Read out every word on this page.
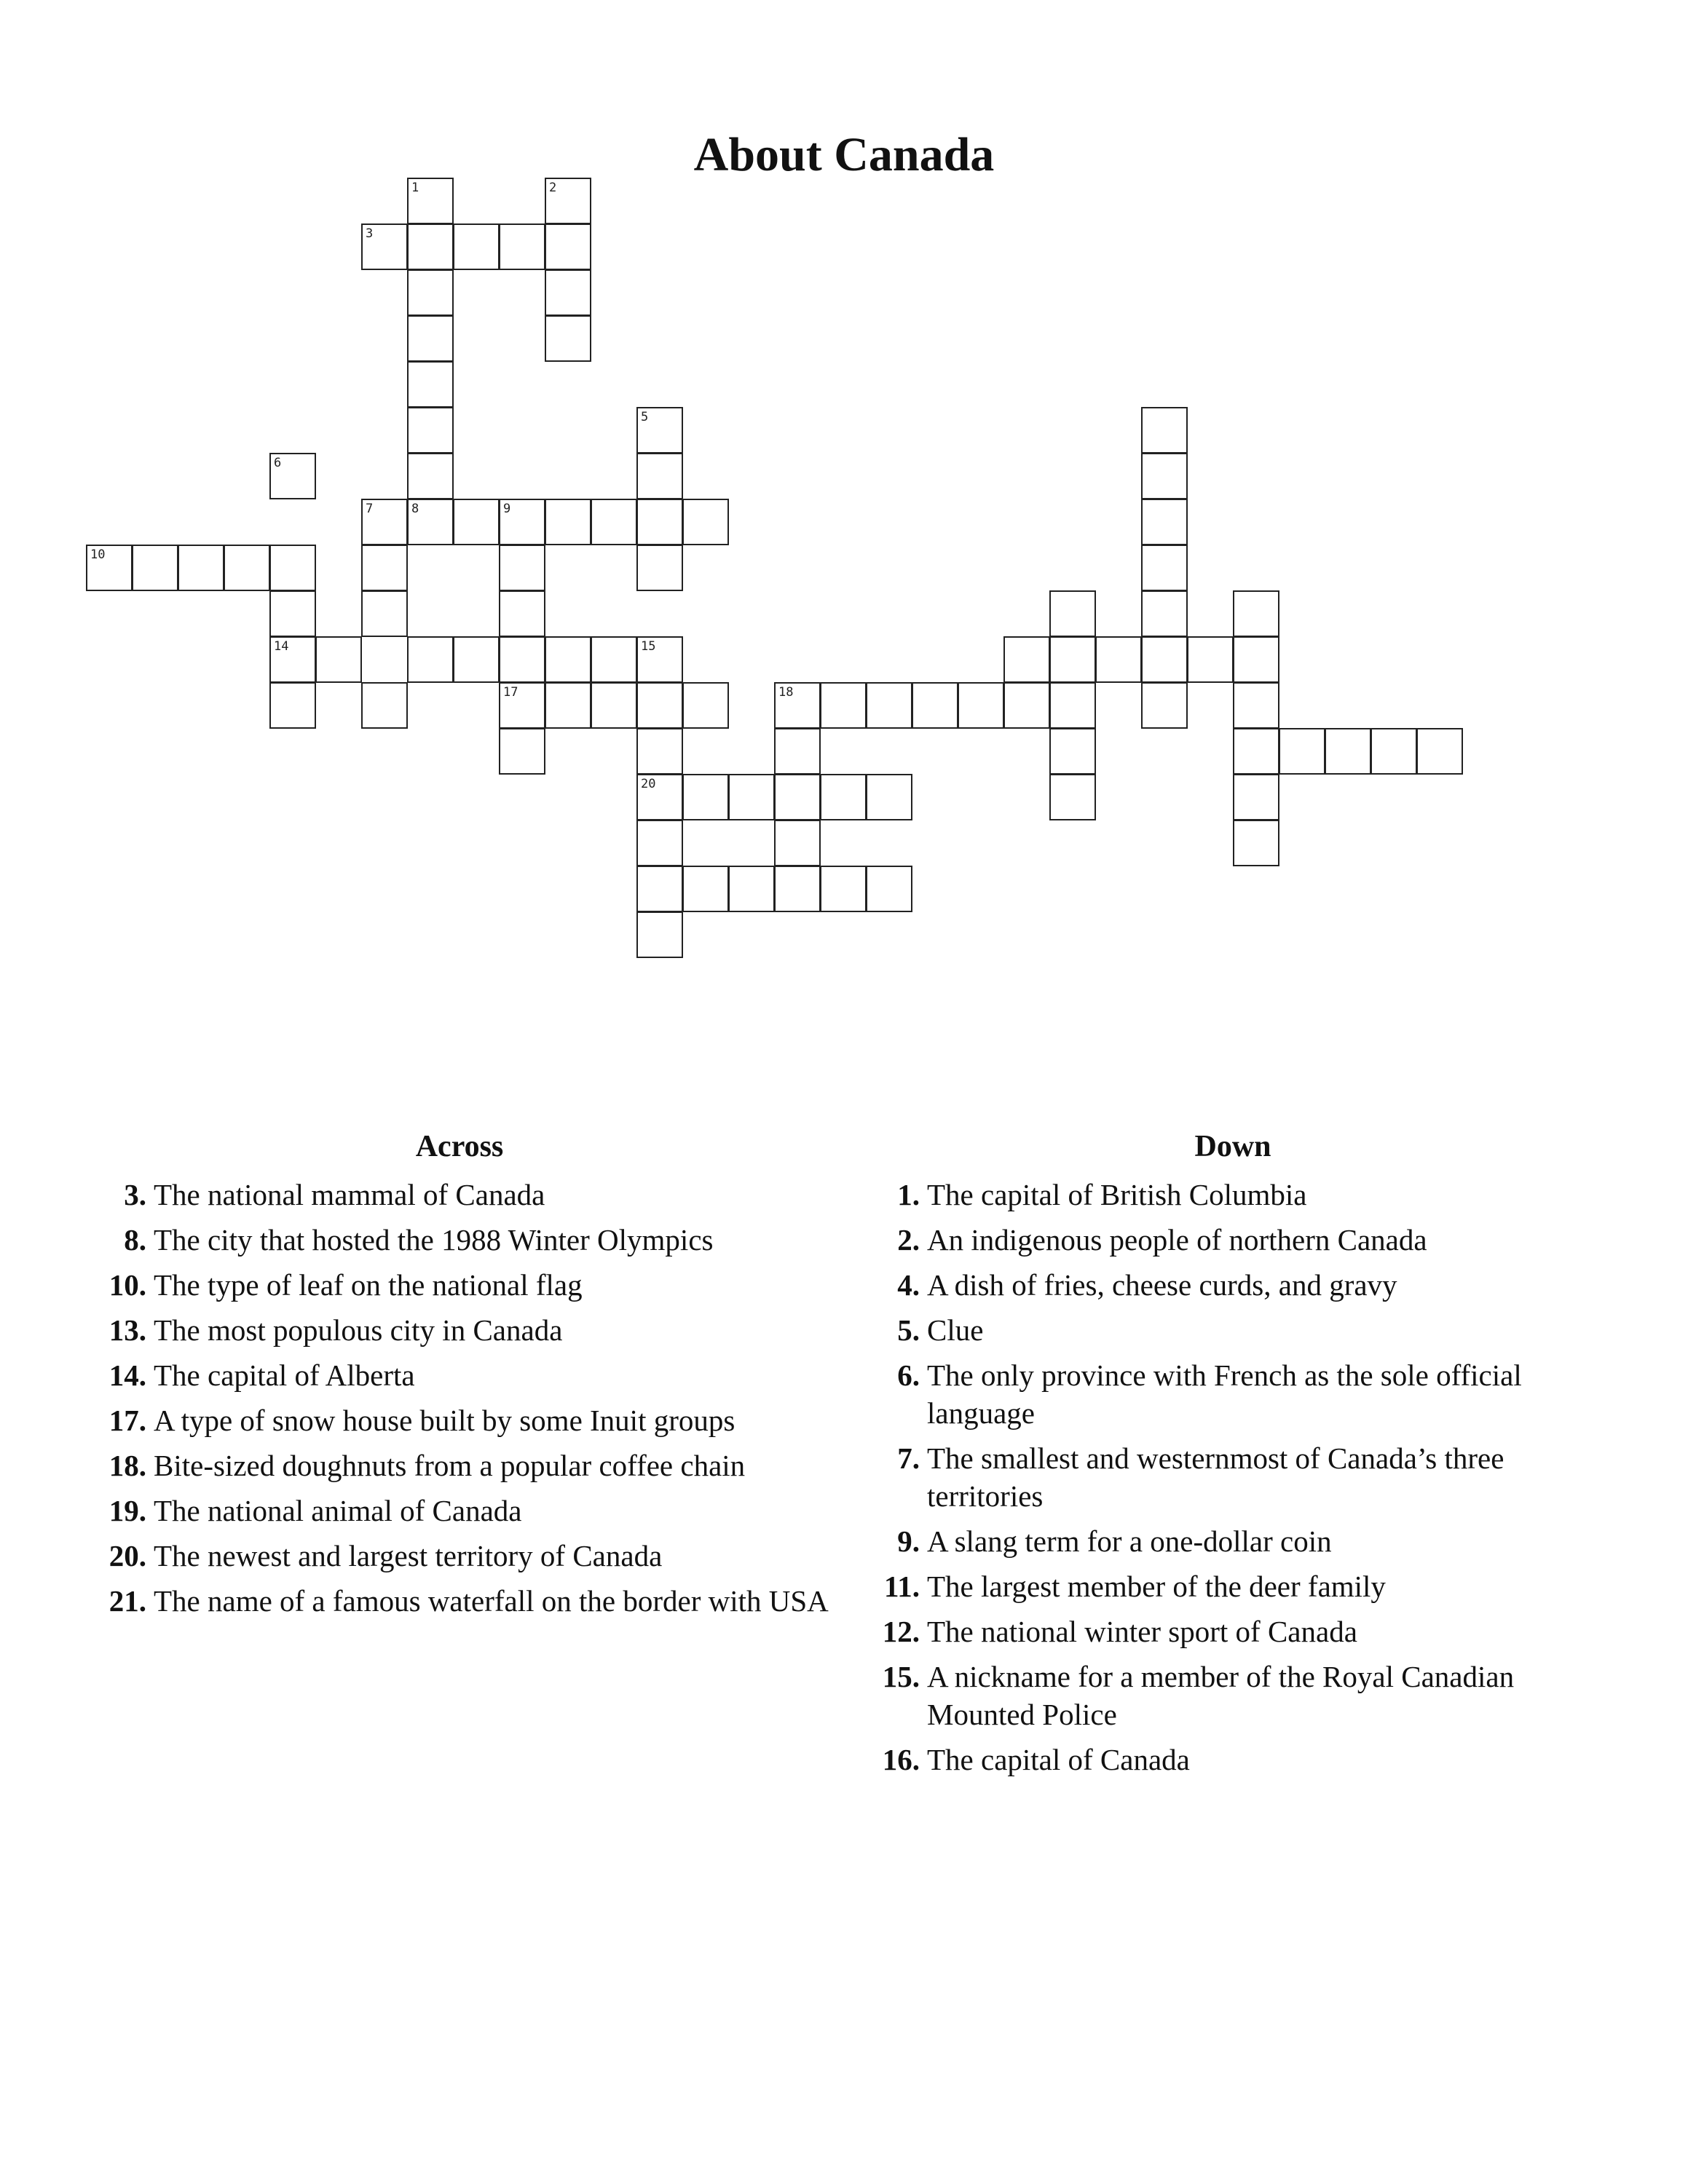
About Canada
3
1	2
8	9
5
6
14
10
7
17
15
20
18
Across
3. The national mammal of Canada
8. The city that hosted the 1988 Winter Olympics
10. The type of leaf on the national flag
13. The most populous city in Canada
14. The capital of Alberta
17. A type of snow house built by some Inuit groups
18. Bite-sized doughnuts from a popular coffee chain
19. The national animal of Canada
20. The newest and largest territory of Canada
21. The name of a famous waterfall on the border with USA
Down
1. The capital of British Columbia
2. An indigenous people of northern Canada
4. A dish of fries, cheese curds, and gravy
5. Clue
6. The only province with French as the sole official language
7. The smallest and westernmost of Canada’s three territories
9. A slang term for a one-dollar coin
11. The largest member of the deer family
12. The national winter sport of Canada
15. A nickname for a member of the Royal Canadian Mounted Police
16. The capital of Canada
